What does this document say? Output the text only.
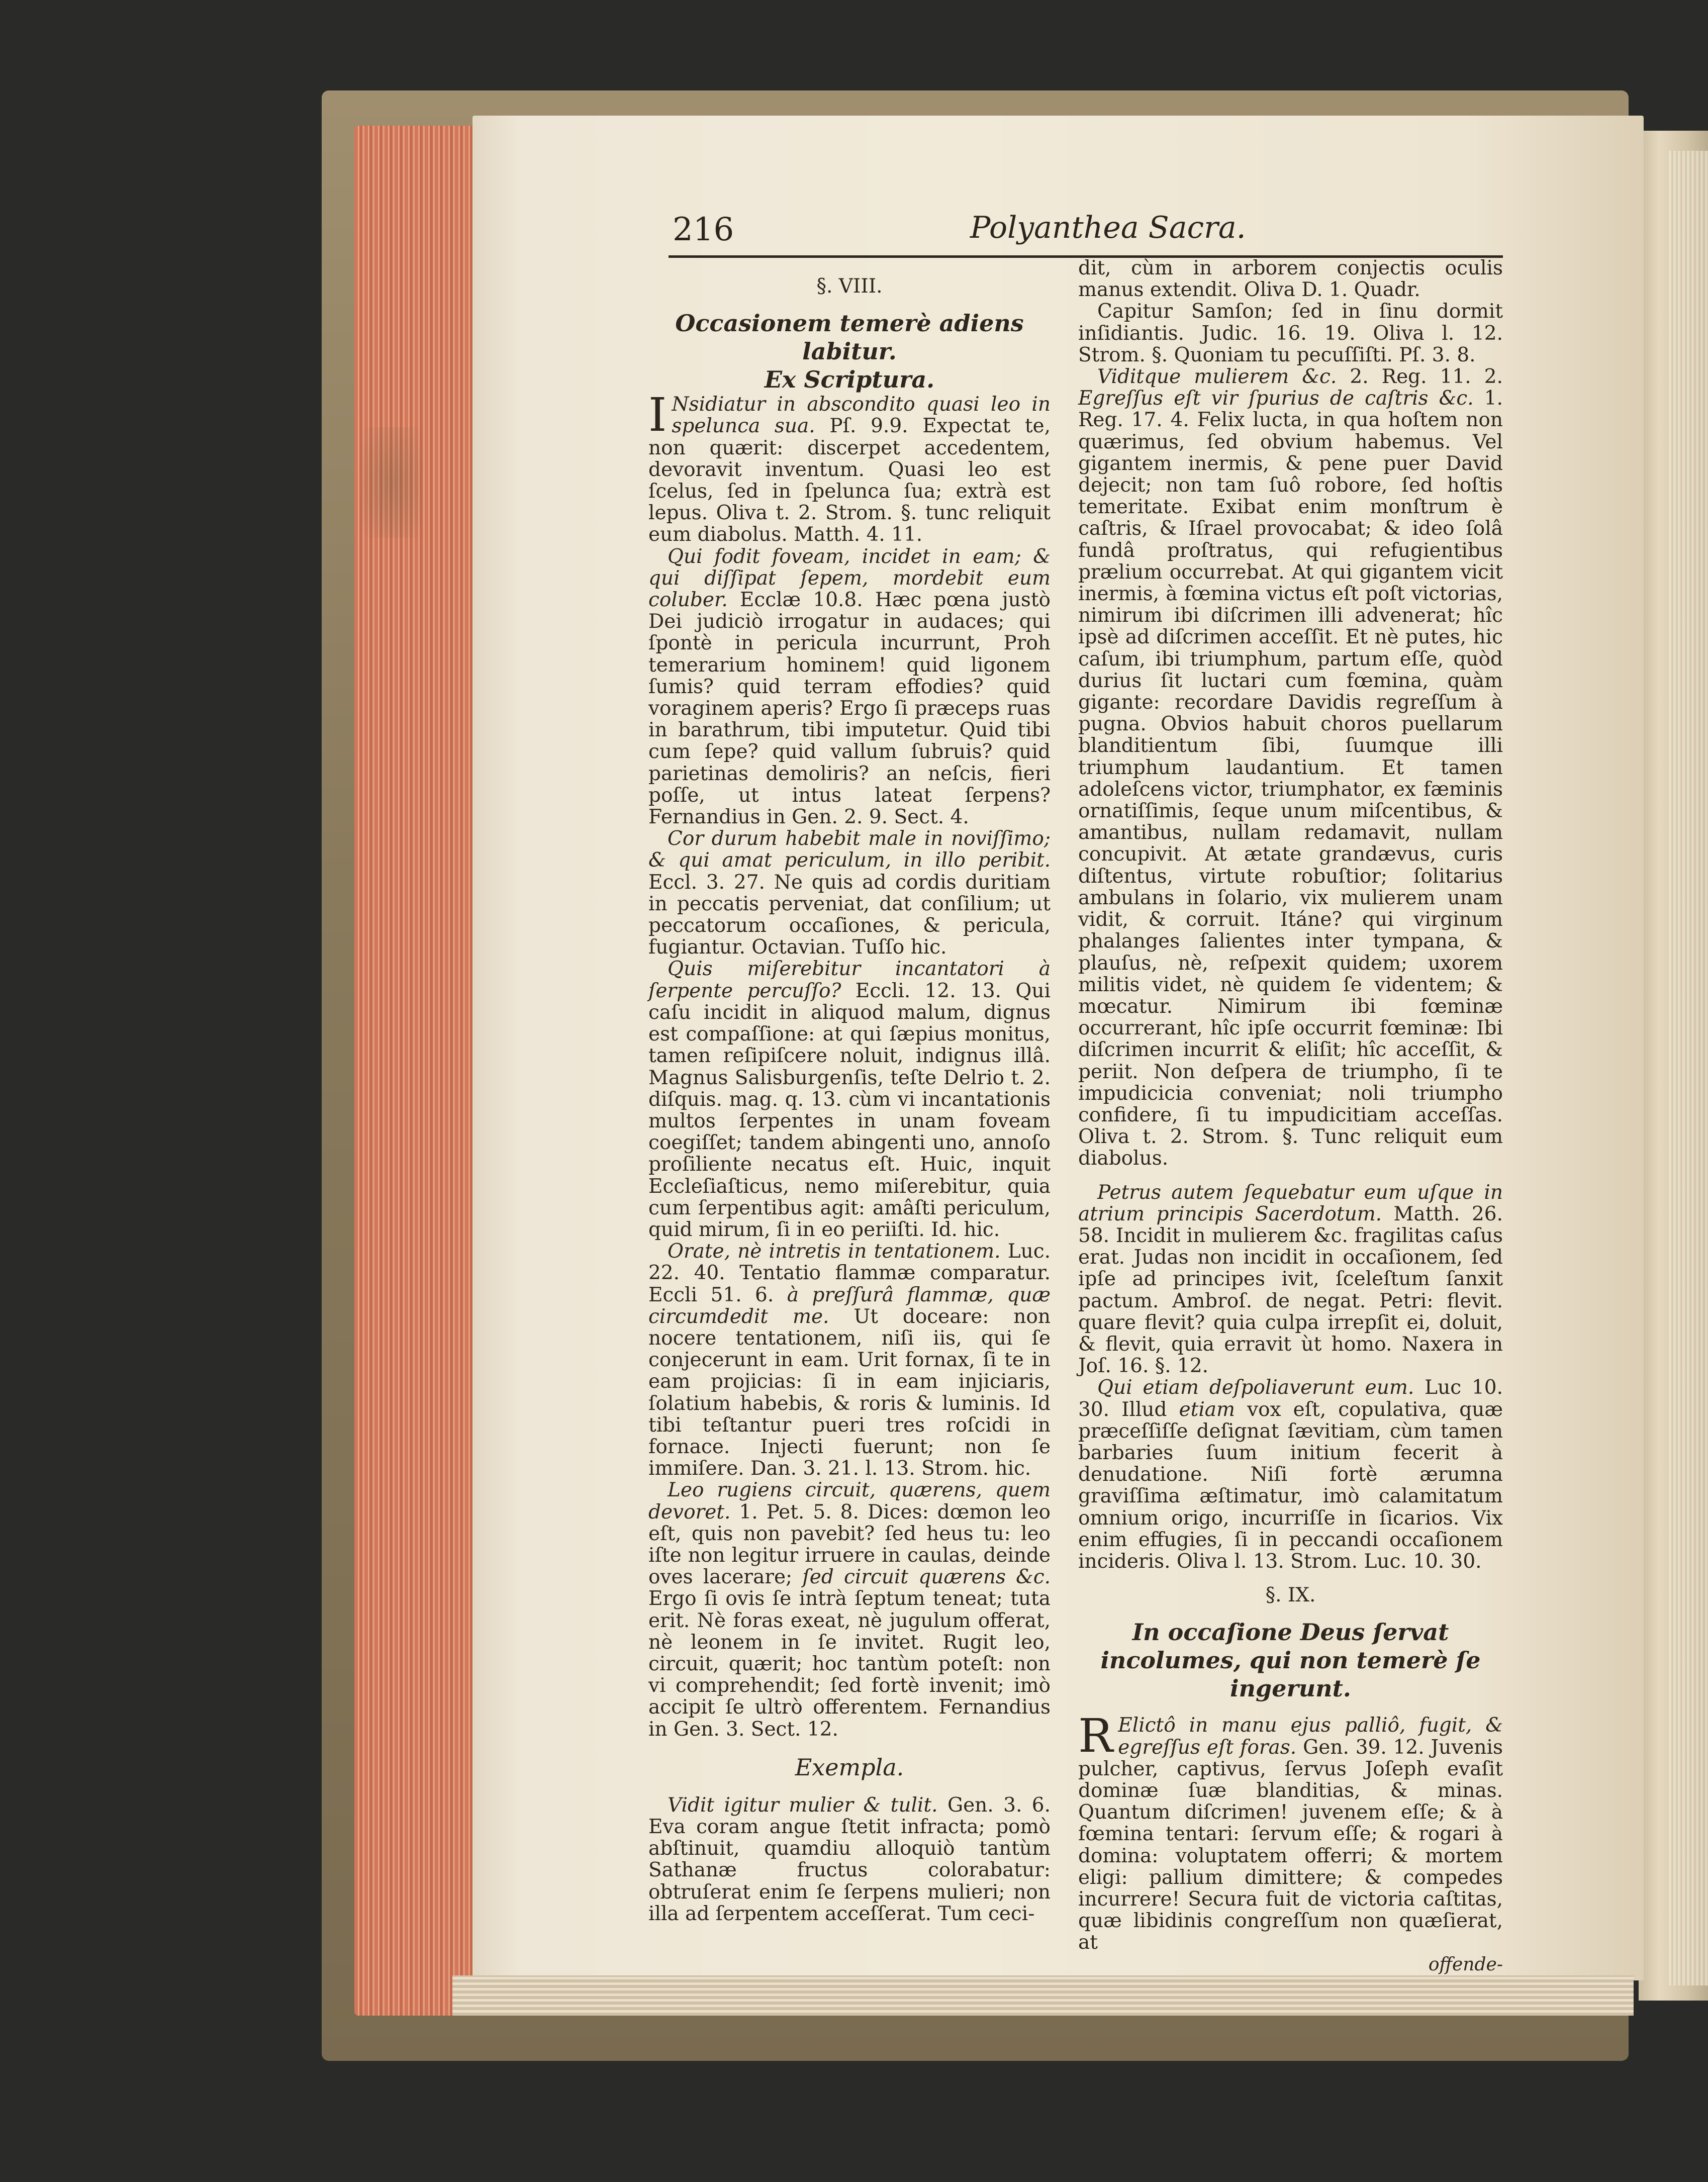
216	Polyanthea Sacra.

§. VIII.

Occasionem temerè adiens labitur.

Ex Scriptura.

I Nsidiatur in abscondito quasi leo in spelunca sua. Pſ. 9.9. Expectat te, non quærit: discerpet accedentem, devoravit inventum. Quasi leo est ſcelus, ſed in ſpelunca ſua; extrà est lepus. Oliva t. 2. Strom. §. tunc reliquit eum diabolus. Matth. 4. 11.

Qui fodit foveam, incidet in eam; & qui diſſipat ſepem, mordebit eum coluber. Ecclæ 10.8. Hæc pœna justò Dei judiciò irrogatur in audaces; qui ſpontè in pericula incurrunt, Proh temerarium hominem! quid ligonem ſumis? quid terram effodies? quid voraginem aperis? Ergo ſi præceps ruas in barathrum, tibi imputetur. Quid tibi cum ſepe? quid vallum ſubruis? quid parietinas demoliris? an neſcis, fieri poſſe, ut intus lateat ſerpens? Fernandius in Gen. 2. 9. Sect. 4.

Cor durum habebit male in noviſſimo; & qui amat periculum, in illo peribit. Eccl. 3. 27. Ne quis ad cordis duritiam in peccatis perveniat, dat conſilium; ut peccatorum occaſiones, & pericula, fugiantur. Octavian. Tuſſo hic.

Quis miſerebitur incantatori à ſerpente percuſſo? Eccli. 12. 13. Qui caſu incidit in aliquod malum, dignus est compaſſione: at qui ſæpius monitus, tamen reſipiſcere noluit, indignus illâ. Magnus Salisburgenſis, teſte Delrio t. 2. diſquis. mag. q. 13. cùm vi incantationis multos ſerpentes in unam foveam coegiſſet; tandem abingenti uno, annoſo proſiliente necatus eſt. Huic, inquit Eccleſiaſticus, nemo miſerebitur, quia cum ſerpentibus agit: amâſti periculum, quid mirum, ſi in eo periiſti. Id. hic.

Orate, nè intretis in tentationem. Luc. 22. 40. Tentatio flammæ comparatur. Eccli 51. 6. à preſſurâ flammæ, quæ circumdedit me. Ut doceare: non nocere tentationem, niſi iis, qui ſe conjecerunt in eam. Urit fornax, ſi te in eam projicias: ſi in eam injiciaris, ſolatium habebis, & roris & luminis. Id tibi teſtantur pueri tres roſcidi in fornace. Injecti fuerunt; non ſe immiſere. Dan. 3. 21. l. 13. Strom. hic.

Leo rugiens circuit, quærens, quem devoret. 1. Pet. 5. 8. Dices: dœmon leo eſt, quis non pavebit? ſed heus tu: leo iſte non legitur irruere in caulas, deinde oves lacerare; ſed circuit quærens &c. Ergo ſi ovis ſe intrà ſeptum teneat; tuta erit. Nè foras exeat, nè jugulum offerat, nè leonem in ſe invitet. Rugit leo, circuit, quærit; hoc tantùm poteſt: non vi comprehendit; ſed fortè invenit; imò accipit ſe ultrò offerentem. Fernandius in Gen. 3. Sect. 12.

Exempla.

Vidit igitur mulier & tulit. Gen. 3. 6. Eva coram angue ſtetit infracta; pomò abſtinuit, quamdiu alloquiò tantùm Sathanæ fructus colorabatur: obtruſerat enim ſe ſerpens mulieri; non illa ad ſerpentem acceſſerat. Tum ceci-

dit, cùm in arborem conjectis oculis manus extendit. Oliva D. 1. Quadr.

Capitur Samſon; ſed in ſinu dormit inſidiantis. Judic. 16. 19. Oliva l. 12. Strom. §. Quoniam tu pecuſſiſti. Pſ. 3. 8.

Viditque mulierem &c. 2. Reg. 11. 2. Egreſſus eſt vir ſpurius de caſtris &c. 1. Reg. 17. 4. Felix lucta, in qua hoſtem non quærimus, ſed obvium habemus. Vel gigantem inermis, & pene puer David dejecit; non tam ſuô robore, ſed hoſtis temeritate. Exibat enim monſtrum è caſtris, & Iſrael provocabat; & ideo ſolâ fundâ proſtratus, qui refugientibus prælium occurrebat. At qui gigantem vicit inermis, à fœmina victus eſt poſt victorias, nimirum ibi diſcrimen illi advenerat; hîc ipsè ad diſcrimen acceſſit. Et nè putes, hic caſum, ibi triumphum, partum eſſe, quòd durius ſit luctari cum fœmina, quàm gigante: recordare Davidis regreſſum à pugna. Obvios habuit choros puellarum blanditientum ſibi, ſuumque illi triumphum laudantium. Et tamen adoleſcens victor, triumphator, ex fæminis ornatiſſimis, ſeque unum miſcentibus, & amantibus, nullam redamavit, nullam concupivit. At ætate grandævus, curis diſtentus, virtute robuſtior; ſolitarius ambulans in ſolario, vix mulierem unam vidit, & corruit. Itáne? qui virginum phalanges ſalientes inter tympana, & plauſus, nè, reſpexit quidem; uxorem militis videt, nè quidem ſe videntem; & mœcatur. Nimirum ibi fœminæ occurrerant, hîc ipſe occurrit fœminæ: Ibi diſcrimen incurrit & eliſit; hîc acceſſit, & periit. Non deſpera de triumpho, ſi te impudicicia conveniat; noli triumpho confidere, ſi tu impudicitiam acceſſas. Oliva t. 2. Strom. §. Tunc reliquit eum diabolus.

Petrus autem ſequebatur eum uſque in atrium principis Sacerdotum. Matth. 26. 58. Incidit in mulierem &c. fragilitas caſus erat. Judas non incidit in occaſionem, ſed ipſe ad principes ivit, ſceleſtum ſanxit pactum. Ambroſ. de negat. Petri: flevit. quare flevit? quia culpa irrepſit ei, doluit, & flevit, quia erravit ùt homo. Naxera in Joſ. 16. §. 12.

Qui etiam deſpoliaverunt eum. Luc 10. 30. Illud etiam vox eſt, copulativa, quæ præceſſiſſe deſignat ſævitiam, cùm tamen barbaries ſuum initium fecerit à denudatione. Niſi fortè ærumna graviſſima æſtimatur, imò calamitatum omnium origo, incurriſſe in ſicarios. Vix enim effugies, ſi in peccandi occaſionem incideris. Oliva l. 13. Strom. Luc. 10. 30.

§. IX.

In occaſione Deus ſervat incolumes, qui non temerè ſe ingerunt.

R Elictô in manu ejus palliô, fugit, & egreſſus eſt foras. Gen. 39. 12. Juvenis pulcher, captivus, ſervus Joſeph evaſit dominæ ſuæ blanditias, & minas. Quantum diſcrimen! juvenem eſſe; & à fœmina tentari: ſervum eſſe; & rogari à domina: voluptatem offerri; & mortem eligi: pallium dimittere; & compedes incurrere! Secura fuit de victoria caſtitas, quæ libidinis congreſſum non quæſierat, at

offende-
